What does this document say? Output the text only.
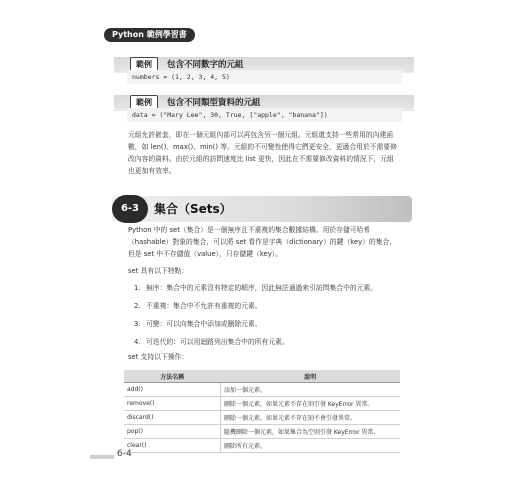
Python 範例學習書
範例	包含不同數字的元組
numbers = (1, 2, 3, 4, 5)
範例	包含不同類型資料的元組
data = ("Mary Lee", 30, True, ["apple", "banana"])

元組允許嵌套，即在一個元組內部可以再包含另一個元組。元組還支持一些常用的內建函數，如 len()、max()、min() 等。元組的不可變性使得它們更安全，更適合用於不需要修改內容的資料。由於元組的訪問速度比 list 更快，因此在不需要修改資料的情況下，元組也更加有效率。

6-3	集合（Sets）

Python 中的 set（集合）是一個無序且不重複的集合數據結構。用於存儲可哈希（hashable）對象的集合，可以將 set 看作是字典（dictionary）的鍵（key）的集合，但是 set 中不存儲值（value），只存儲鍵（key）。

set 具有以下特點：

1. 無序：集合中的元素沒有特定的順序，因此無法通過索引訪問集合中的元素。
2. 不重複：集合中不允許有重複的元素。
3. 可變：可以向集合中添加或刪除元素。
4. 可迭代的：可以用迴路列出集合中的所有元素。

set 支持以下操作：

方法名稱	說明
add()	添加一個元素。
remove()	刪除一個元素，如果元素不存在則引發 KeyError 異常。
discard()	刪除一個元素，如果元素不存在則不會引發異常。
pop()	隨機刪除一個元素，如果集合為空則引發 KeyError 異常。
clear()	刪除所有元素。
6-4
